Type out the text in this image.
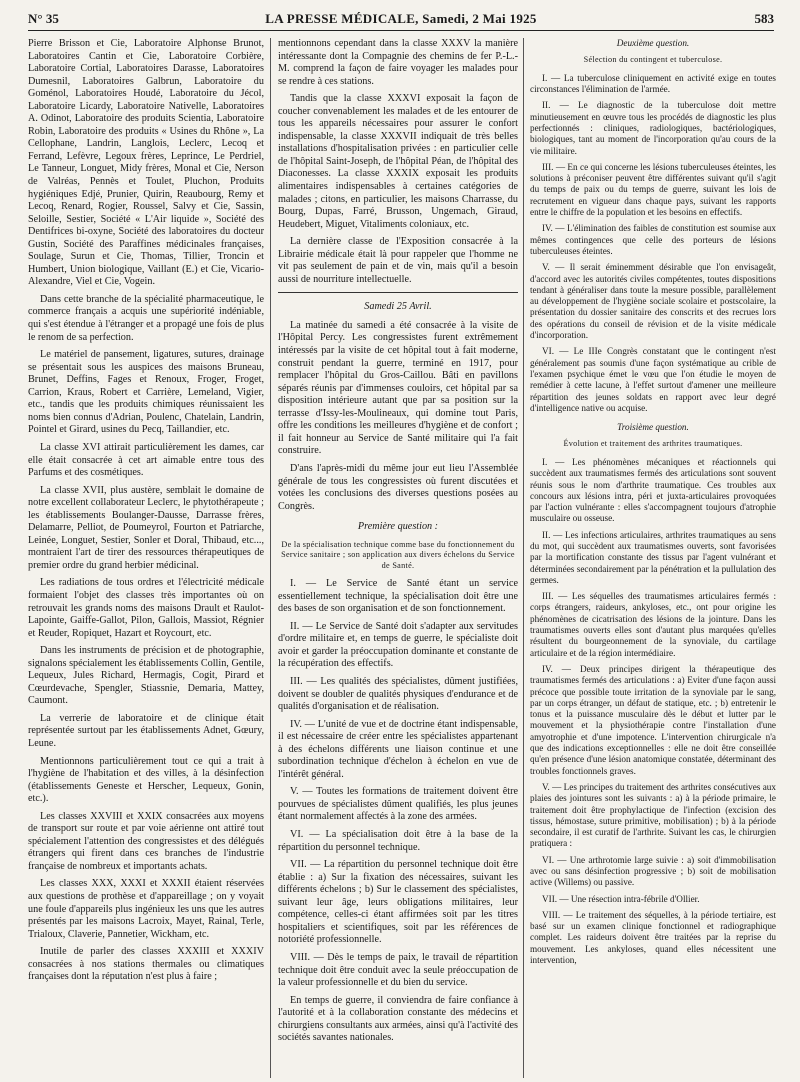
N° 35	LA PRESSE MÉDICALE, Samedi, 2 Mai 1925	583

Pierre Brisson et Cie, Laboratoire Alphonse Brunot, Laboratoires Cantin et Cie, Laboratoire Corbière, Laboratoire Cortial, Laboratoires Darasse, Laboratoires Dumesnil, Laboratoires Galbrun, Laboratoire du Goménol, Laboratoires Houdé, Laboratoire du Jécol, Laboratoire Licardy, Laboratoire Nativelle, Laboratoires A. Odinot, Laboratoire des produits Scientia, Laboratoire Robin, Laboratoire des produits « Usines du Rhône », La Cellophane, Landrin, Langlois, Leclerc, Lecoq et Ferrand, Lefèvre, Legoux frères, Leprince, Le Perdriel, Le Tanneur, Longuet, Midy frères, Monal et Cie, Nerson de Valréas, Pennès et Toulet, Pluchon, Produits hygiéniques Edjé, Prunier, Quirin, Reaubourg, Remy et Lecoq, Renard, Rogier, Roussel, Salvy et Cie, Sassin, Seloille, Sestier, Société « L'Air liquide », Société des Dentifrices bi-oxyne, Société des laboratoires du docteur Gustin, Société des Paraffines médicinales françaises, Soulage, Surun et Cie, Thomas, Tillier, Troncin et Humbert, Union biologique, Vaillant (E.) et Cie, Vicario-Alexandre, Viel et Cie, Vogein.

Dans cette branche de la spécialité pharmaceutique, le commerce français a acquis une supériorité indéniable, qui s'est étendue à l'étranger et a propagé une fois de plus le renom de sa perfection.

Le matériel de pansement, ligatures, sutures, drainage se présentait sous les auspices des maisons Bruneau, Brunet, Deffins, Fages et Renoux, Froger, Froget, Carrion, Kraus, Robert et Carrière, Lemeland, Vigier, etc., tandis que les produits chimiques réunissaient les noms bien connus d'Adrian, Poulenc, Chatelain, Landrin, Pointel et Girard, usines du Pecq, Taillandier, etc.

La classe XVI attirait particulièrement les dames, car elle était consacrée à cet art aimable entre tous des Parfums et des cosmétiques.

La classe XVII, plus austère, semblait le domaine de notre excellent collaborateur Leclerc, le phytothérapeute ; les établissements Boulanger-Dausse, Darrasse frères, Delamarre, Pelliot, de Poumeyrol, Fourton et Patriarche, Leinée, Longuet, Sestier, Sonler et Doral, Thibaud, etc..., montraient l'art de tirer des ressources thérapeutiques de premier ordre du grand herbier médicinal.

Les radiations de tous ordres et l'électricité médicale formaient l'objet des classes très importantes où on retrouvait les grands noms des maisons Drault et Raulot-Lapointe, Gaiffe-Gallot, Pilon, Gallois, Massiot, Régnier et Reuder, Ropiquet, Hazart et Roycourt, etc.

Dans les instruments de précision et de photographie, signalons spécialement les établissements Collin, Gentile, Lequeux, Jules Richard, Hermagis, Cogit, Pirard et Cœurdevache, Spengler, Stiassnie, Demaria, Mattey, Caumont.

La verrerie de laboratoire et de clinique était représentée surtout par les établissements Adnet, Gœury, Leune.

Mentionnons particulièrement tout ce qui a trait à l'hygiène de l'habitation et des villes, à la désinfection (établissements Geneste et Herscher, Lequeux, Gonin, etc.).

Les classes XXVIII et XXIX consacrées aux moyens de transport sur route et par voie aérienne ont attiré tout spécialement l'attention des congressistes et des délégués étrangers qui firent dans ces branches de l'industrie française de nombreux et importants achats.

Les classes XXX, XXXI et XXXII étaient réservées aux questions de prothèse et d'appareillage ; on y voyait une foule d'appareils plus ingénieux les uns que les autres présentés par les maisons Lacroix, Mayet, Rainal, Terle, Trialoux, Claverie, Pannetier, Wickham, etc.

Inutile de parler des classes XXXIII et XXXIV consacrées à nos stations thermales ou climatiques françaises dont la réputation n'est plus à faire ;

mentionnons cependant dans la classe XXXV la manière intéressante dont la Compagnie des chemins de fer P.-L.-M. comprend la façon de faire voyager les malades pour se rendre à ces stations.

Tandis que la classe XXXVI exposait la façon de coucher convenablement les malades et de les entourer de tous les appareils nécessaires pour assurer le confort indispensable, la classe XXXVII indiquait de très belles installations d'hospitalisation privées : en particulier celle de l'hôpital Saint-Joseph, de l'hôpital Péan, de l'hôpital des Diaconesses. La classe XXXIX exposait les produits alimentaires indispensables à certaines catégories de malades ; citons, en particulier, les maisons Charrasse, du Bourg, Dupas, Farré, Brusson, Ungemach, Giraud, Heudebert, Miguet, Vitaliments coloniaux, etc.

La dernière classe de l'Exposition consacrée à la Librairie médicale était là pour rappeler que l'homme ne vit pas seulement de pain et de vin, mais qu'il a besoin aussi de nourriture intellectuelle.

Samedi 25 Avril.

La matinée du samedi a été consacrée à la visite de l'Hôpital Percy. Les congressistes furent extrêmement intéressés par la visite de cet hôpital tout à fait moderne, construit pendant la guerre, terminé en 1917, pour remplacer l'hôpital du Gros-Caillou. Bâti en pavillons séparés réunis par d'immenses couloirs, cet hôpital par sa disposition intérieure autant que par sa position sur la terrasse d'Issy-les-Moulineaux, qui domine tout Paris, offre les conditions les meilleures d'hygiène et de confort ; il fait honneur au Service de Santé militaire qui l'a fait construire.

D'ans l'après-midi du même jour eut lieu l'Assemblée générale de tous les congressistes où furent discutées et votées les conclusions des diverses questions posées au Congrès.

Première question :
De la spécialisation technique comme base du fonctionnement du Service sanitaire ; son application aux divers échelons du Service de Santé.

I. — Le Service de Santé étant un service essentiellement technique, la spécialisation doit être une des bases de son organisation et de son fonctionnement.

II. — Le Service de Santé doit s'adapter aux servitudes d'ordre militaire et, en temps de guerre, le spécialiste doit avoir et garder la préoccupation dominante et constante de la récupération des effectifs.

III. — Les qualités des spécialistes, dûment justifiées, doivent se doubler de qualités physiques d'endurance et de qualités d'organisation et de réalisation.

IV. — L'unité de vue et de doctrine étant indispensable, il est nécessaire de créer entre les spécialistes appartenant à des échelons différents une liaison continue et une subordination technique d'échelon à échelon en vue de l'intérêt général.

V. — Toutes les formations de traitement doivent être pourvues de spécialistes dûment qualifiés, les plus jeunes étant normalement affectés à la zone des armées.

VI. — La spécialisation doit être à la base de la répartition du personnel technique.

VII. — La répartition du personnel technique doit être établie : a) Sur la fixation des nécessaires, suivant les différents échelons ; b) Sur le classement des spécialistes, suivant leur âge, leurs obligations militaires, leur compétence, celles-ci étant affirmées soit par les titres hospitaliers et scientifiques, soit par les références de notoriété professionnelle.

VIII. — Dès le temps de paix, le travail de répartition technique doit être conduit avec la seule préoccupation de la valeur professionnelle et du bien du service.

En temps de guerre, il conviendra de faire confiance à l'autorité et à la collaboration constante des médecins et chirurgiens consultants aux armées, ainsi qu'à l'activité des sociétés savantes nationales.

Deuxième question.
Sélection du contingent et tuberculose.

I. — La tuberculose cliniquement en activité exige en toutes circonstances l'élimination de l'armée.

II. — Le diagnostic de la tuberculose doit mettre minutieusement en œuvre tous les procédés de diagnostic les plus perfectionnés : cliniques, radiologiques, bactériologiques, biologiques, tant au moment de l'incorporation qu'au cours de la vie militaire.

III. — En ce qui concerne les lésions tuberculeuses éteintes, les solutions à préconiser peuvent être différentes suivant qu'il s'agit du temps de paix ou du temps de guerre, suivant les lois de recrutement en vigueur dans chaque pays, suivant les rapports entre le chiffre de la population et les besoins en effectifs.

IV. — L'élimination des faibles de constitution est soumise aux mêmes contingences que celle des porteurs de lésions tuberculeuses éteintes.

V. — Il serait éminemment désirable que l'on envisageât, d'accord avec les autorités civiles compétentes, toutes dispositions tendant à généraliser dans toute la mesure possible, parallèlement au développement de l'hygiène sociale scolaire et postscolaire, la présentation du dossier sanitaire des conscrits et des recrues lors des opérations du conseil de révision et de la visite médicale d'incorporation.

VI. — Le IIIe Congrès constatant que le contingent n'est généralement pas soumis d'une façon systématique au crible de l'examen psychique émet le vœu que l'on étudie le moyen de remédier à cette lacune, à l'effet surtout d'amener une meilleure répartition des jeunes soldats en rapport avec leur degré d'intelligence native ou acquise.

Troisième question.
Évolution et traitement des arthrites traumatiques.

I. — Les phénomènes mécaniques et réactionnels qui succèdent aux traumatismes fermés des articulations sont souvent réunis sous le nom d'arthrite traumatique. Ces troubles aux concours aux lésions intra, péri et juxta-articulaires provoquées par l'action vulnérante : elles s'accompagnent toujours d'atrophie musculaire ou osseuse.

II. — Les infections articulaires, arthrites traumatiques au sens du mot, qui succèdent aux traumatismes ouverts, sont favorisées par la mortification constante des tissus par l'agent vulnérant et déterminées secondairement par la pénétration et la pullulation des germes.

III. — Les séquelles des traumatismes articulaires fermés : corps étrangers, raideurs, ankyloses, etc., ont pour origine les phénomènes de cicatrisation des lésions de la jointure. Dans les traumatismes ouverts elles sont d'autant plus marquées qu'elles résultent du bourgeonnement de la synoviale, du cartilage articulaire et de la région intermédiaire.

IV. — Deux principes dirigent la thérapeutique des traumatismes fermés des articulations : a) Eviter d'une façon aussi précoce que possible toute irritation de la synoviale par le sang, par un corps étranger, un défaut de statique, etc. ; b) entretenir le tonus et la puissance musculaire dès le début et lutter par le mouvement et la physiothérapie contre l'installation d'une amyotrophie et d'une impotence. L'intervention chirurgicale n'a que des indications exceptionnelles : elle ne doit être conseillée qu'en présence d'une lésion anatomique constatée, déterminant des troubles fonctionnels graves.

V. — Les principes du traitement des arthrites consécutives aux plaies des jointures sont les suivants : a) à la période primaire, le traitement doit être prophylactique de l'infection (excision des tissus, hémostase, suture primitive, mobilisation) ; b) à la période secondaire, il est curatif de l'arthrite. Suivant les cas, le chirurgien pratiquera :

VI. — Une arthrotomie large suivie : a) soit d'immobilisation avec ou sans désinfection progressive ; b) soit de mobilisation active (Willems) ou passive.

VII. — Une résection intra-fébrile d'Ollier.

VIII. — Le traitement des séquelles, à la période tertiaire, est basé sur un examen clinique fonctionnel et radiographique complet. Les raideurs doivent être traitées par la reprise du mouvement. Les ankyloses, quand elles nécessitent une intervention,
